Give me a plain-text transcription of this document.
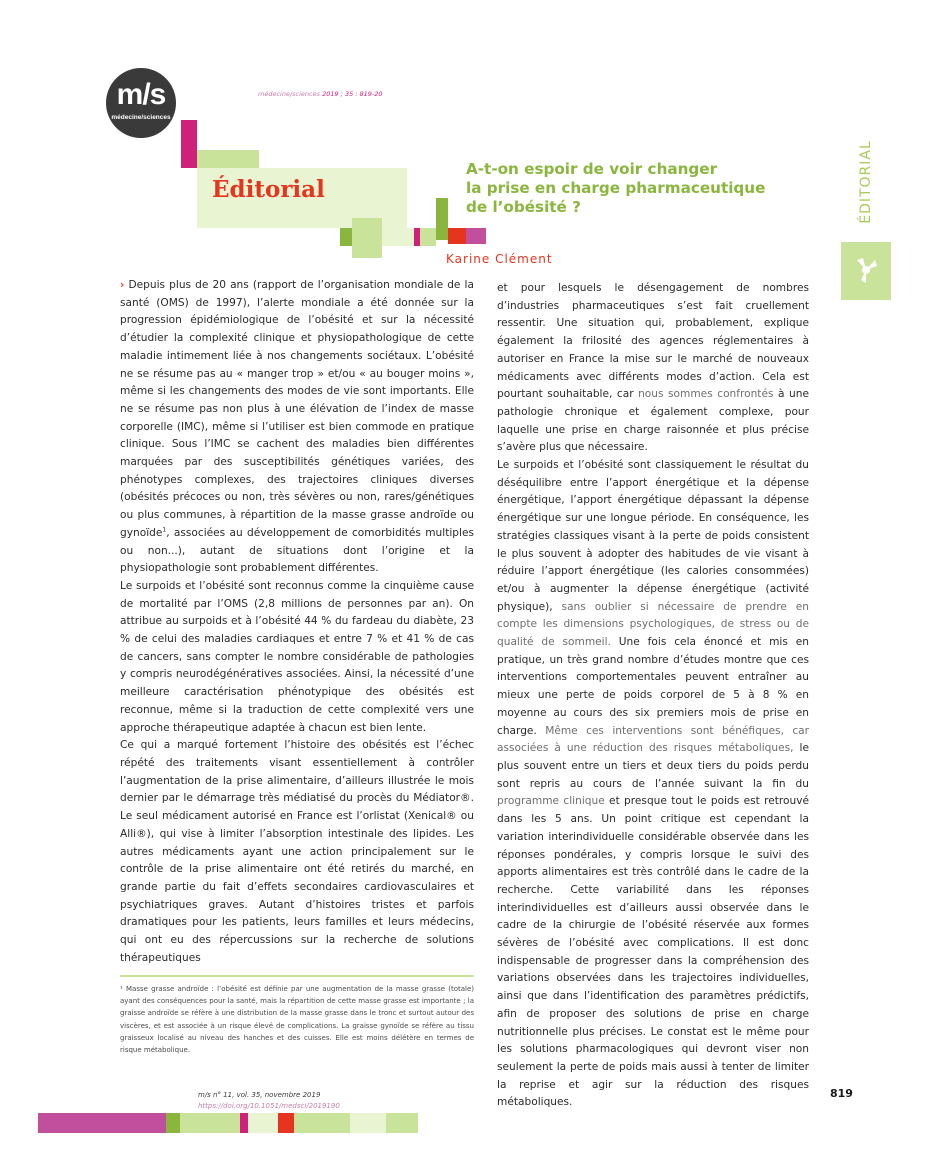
m/s
médecine/sciences
médecine/sciences 2019 ; 35 : 819-20
Éditorial
A-t-on espoir de voir changer
la prise en charge pharmaceutique
de l’obésité ?
Karine Clément
ÉDITORIAL

› Depuis plus de 20 ans (rapport de l’organisation mondiale de la santé (OMS) de 1997), l’alerte mondiale a été donnée sur la progression épidémiologique de l’obésité et sur la nécessité d’étudier la complexité clinique et physiopathologique de cette maladie intimement liée à nos changements sociétaux. L’obésité ne se résume pas au « manger trop » et/ou « au bouger moins », même si les changements des modes de vie sont importants. Elle ne se résume pas non plus à une élévation de l’index de masse corporelle (IMC), même si l’utiliser est bien commode en pratique clinique. Sous l’IMC se cachent des maladies bien différentes marquées par des susceptibilités génétiques variées, des phénotypes complexes, des trajectoires cliniques diverses (obésités précoces ou non, très sévères ou non, rares/génétiques ou plus communes, à répartition de la masse grasse androïde ou gynoïde$^1$, associées au développement de comorbidités multiples ou non...), autant de situations dont l’origine et la physiopathologie sont probablement différentes.

Le surpoids et l’obésité sont reconnus comme la cinquième cause de mortalité par l’OMS (2,8 millions de personnes par an). On attribue au surpoids et à l’obésité 44 % du fardeau du diabète, 23 % de celui des maladies cardiaques et entre 7 % et 41 % de cas de cancers, sans compter le nombre considérable de pathologies y compris neurodégénératives associées. Ainsi, la nécessité d’une meilleure caractérisation phénotypique des obésités est reconnue, même si la traduction de cette complexité vers une approche thérapeutique adaptée à chacun est bien lente.

Ce qui a marqué fortement l’histoire des obésités est l’échec répété des traitements visant essentiellement à contrôler l’augmentation de la prise alimentaire, d’ailleurs illustrée le mois dernier par le démarrage très médiatisé du procès du Médiator®. Le seul médicament autorisé en France est l’orlistat (Xenical® ou Alli®), qui vise à limiter l’absorption intestinale des lipides. Les autres médicaments ayant une action principalement sur le contrôle de la prise alimentaire ont été retirés du marché, en grande partie du fait d’effets secondaires cardiovasculaires et psychiatriques graves. Autant d’histoires tristes et parfois dramatiques pour les patients, leurs familles et leurs médecins, qui ont eu des répercussions sur la recherche de solutions thérapeutiques

¹ Masse grasse androïde : l’obésité est définie par une augmentation de la masse grasse (totale) ayant des conséquences pour la santé, mais la répartition de cette masse grasse est importante ; la graisse androïde se réfère à une distribution de la masse grasse dans le tronc et surtout autour des viscères, et est associée à un risque élevé de complications. La graisse gynoïde se réfère au tissu graisseux localisé au niveau des hanches et des cuisses. Elle est moins délétère en termes de risque métabolique.

et pour lesquels le désengagement de nombres d’industries pharmaceutiques s’est fait cruellement ressentir. Une situation qui, probablement, explique également la frilosité des agences réglementaires à autoriser en France la mise sur le marché de nouveaux médicaments avec différents modes d’action. Cela est pourtant souhaitable, car nous sommes confrontés à une pathologie chronique et également complexe, pour laquelle une prise en charge raisonnée et plus précise s’avère plus que nécessaire.

Le surpoids et l’obésité sont classiquement le résultat du déséquilibre entre l’apport énergétique et la dépense énergétique, l’apport énergétique dépassant la dépense énergétique sur une longue période. En conséquence, les stratégies classiques visant à la perte de poids consistent le plus souvent à adopter des habitudes de vie visant à réduire l’apport énergétique (les calories consommées) et/ou à augmenter la dépense énergétique (activité physique), sans oublier si nécessaire de prendre en compte les dimensions psychologiques, de stress ou de qualité de sommeil. Une fois cela énoncé et mis en pratique, un très grand nombre d’études montre que ces interventions comportementales peuvent entraîner au mieux une perte de poids corporel de 5 à 8 % en moyenne au cours des six premiers mois de prise en charge. Même ces interventions sont bénéfiques, car associées à une réduction des risques métaboliques, le plus souvent entre un tiers et deux tiers du poids perdu sont repris au cours de l’année suivant la fin du programme clinique et presque tout le poids est retrouvé dans les 5 ans. Un point critique est cependant la variation interindividuelle considérable observée dans les réponses pondérales, y compris lorsque le suivi des apports alimentaires est très contrôlé dans le cadre de la recherche. Cette variabilité dans les réponses interindividuelles est d’ailleurs aussi observée dans le cadre de la chirurgie de l’obésité réservée aux formes sévères de l’obésité avec complications. Il est donc indispensable de progresser dans la compréhension des variations observées dans les trajectoires individuelles, ainsi que dans l’identification des paramètres prédictifs, afin de proposer des solutions de prise en charge nutritionnelle plus précises. Le constat est le même pour les solutions pharmacologiques qui devront viser non seulement la perte de poids mais aussi à tenter de limiter la reprise et agir sur la réduction des risques métaboliques.

m/s n° 11, vol. 35, novembre 2019
https://doi.org/10.1051/medsci/2019190
819
